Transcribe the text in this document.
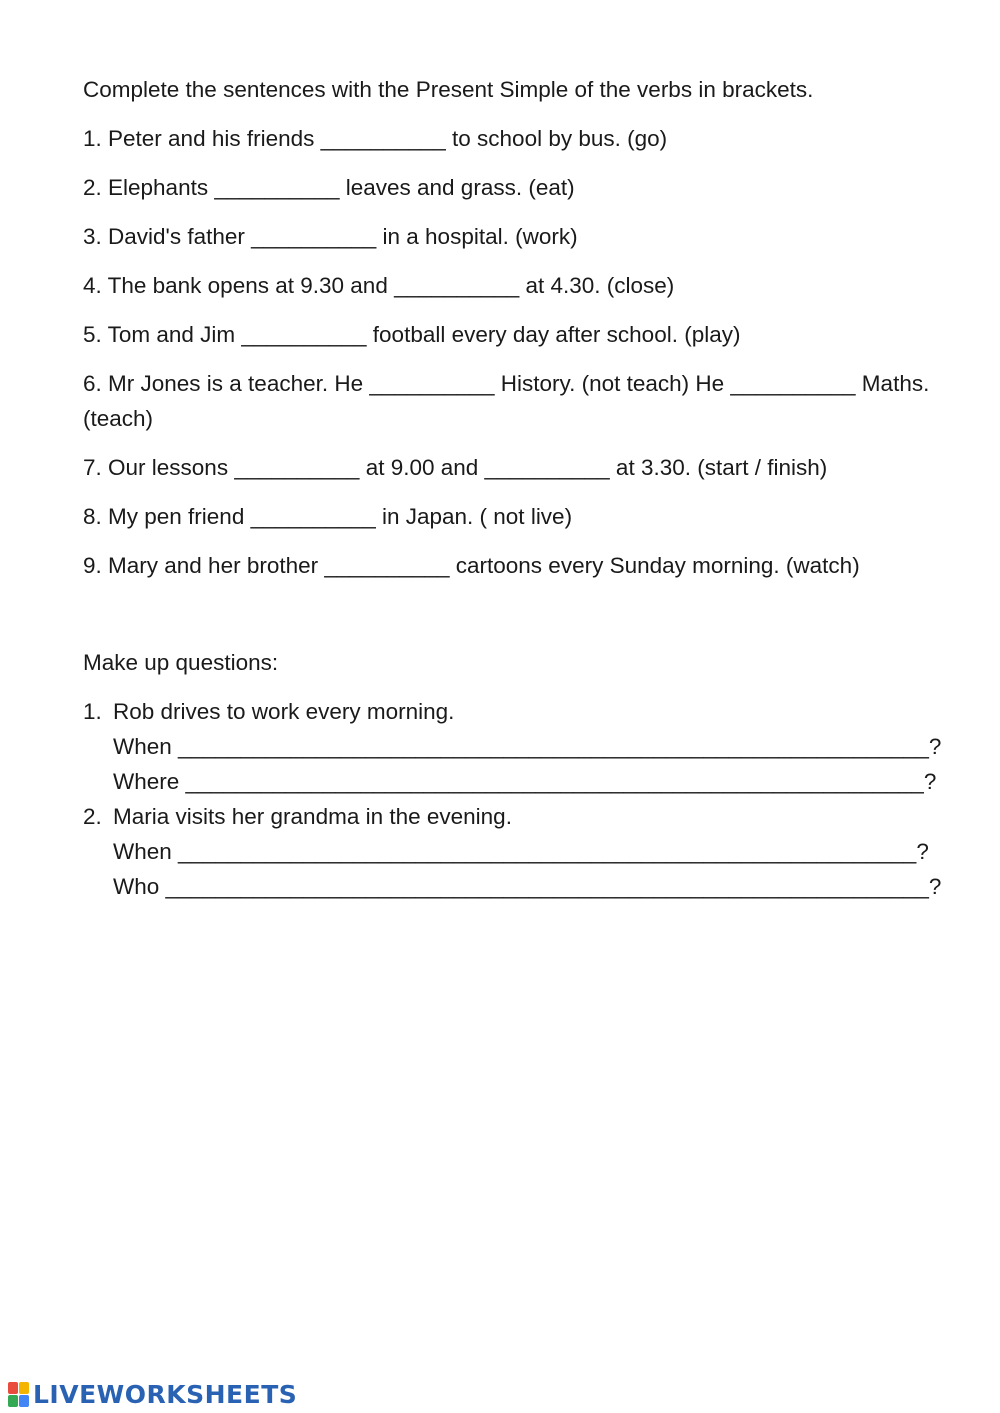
Complete the sentences with the Present Simple of the verbs in brackets.

1. Peter and his friends __________ to school by bus. (go)

2. Elephants __________ leaves and grass. (eat)

3. David's father __________ in a hospital. (work)

4. The bank opens at 9.30 and __________ at 4.30. (close)

5. Tom and Jim __________ football every day after school. (play)

6. Mr Jones is a teacher. He __________ History. (not teach) He __________ Maths. (teach)

7. Our lessons __________ at 9.00 and __________ at 3.30. (start / finish)

8. My pen friend __________ in Japan. ( not live)

9. Mary and her brother __________ cartoons every Sunday morning. (watch)

Make up questions:

1. Rob drives to work every morning.

When ____________________________________________________________?

Where ___________________________________________________________?

2. Maria visits her grandma in the evening.

When ___________________________________________________________?

Who _____________________________________________________________?

LIVEWORKSHEETS
